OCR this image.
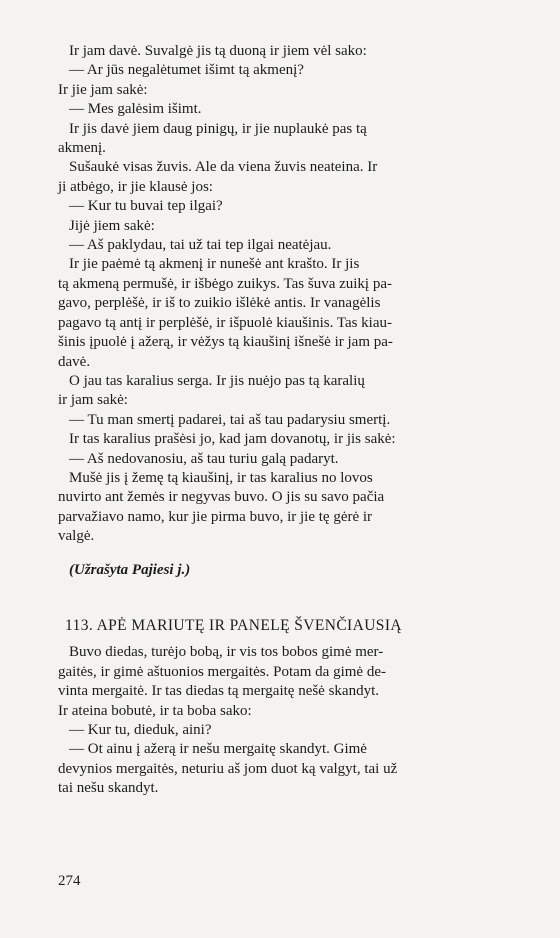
Ir jam davė. Suvalgė jis tą duoną ir jiem vėl sako:
— Ar jūs negalėtumet išimt tą akmenį?
Ir jie jam sakė:
— Mes galėsim išimt.
Ir jis davė jiem daug pinigų, ir jie nuplaukė pas tą
akmenį.
Sušaukė visas žuvis. Ale da viena žuvis neateina. Ir
ji atbėgo, ir jie klausė jos:
— Kur tu buvai tep ilgai?
Jijė jiem sakė:
— Aš paklydau, tai už tai tep ilgai neatėjau.
Ir jie paėmė tą akmenį ir nunešė ant krašto. Ir jis
tą akmeną permušė, ir išbėgo zuikys. Tas šuva zuikį pa-
gavo, perplėšė, ir iš to zuikio išlėkė antis. Ir vanagėlis
pagavo tą antį ir perplėšė, ir išpuolė kiaušinis. Tas kiau-
šinis įpuolė į ažerą, ir vėžys tą kiaušinį išnešė ir jam pa-
davė.
O jau tas karalius serga. Ir jis nuėjo pas tą karalių
ir jam sakė:
— Tu man smertį padarei, tai aš tau padarysiu smertį.
Ir tas karalius prašėsi jo, kad jam dovanotų, ir jis sakė:
— Aš nedovanosiu, aš tau turiu galą padaryt.
Mušė jis į žemę tą kiaušinį, ir tas karalius no lovos
nuvirto ant žemės ir negyvas buvo. O jis su savo pačia
parvažiavo namo, kur jie pirma buvo, ir jie tę gėrė ir
valgė.
(Užrašyta Pajiesi j.)
113. APĖ MARIUTĘ IR PANELĘ ŠVENČIAUSIĄ
Buvo diedas, turėjo bobą, ir vis tos bobos gimė mer-
gaitės, ir gimė aštuonios mergaitės. Potam da gimė de-
vinta mergaitė. Ir tas diedas tą mergaitę nešė skandyt.
Ir ateina bobutė, ir ta boba sako:
— Kur tu, dieduk, aini?
— Ot ainu į ažerą ir nešu mergaitę skandyt. Gimė
devynios mergaitės, neturiu aš jom duot ką valgyt, tai už
tai nešu skandyt.
274
